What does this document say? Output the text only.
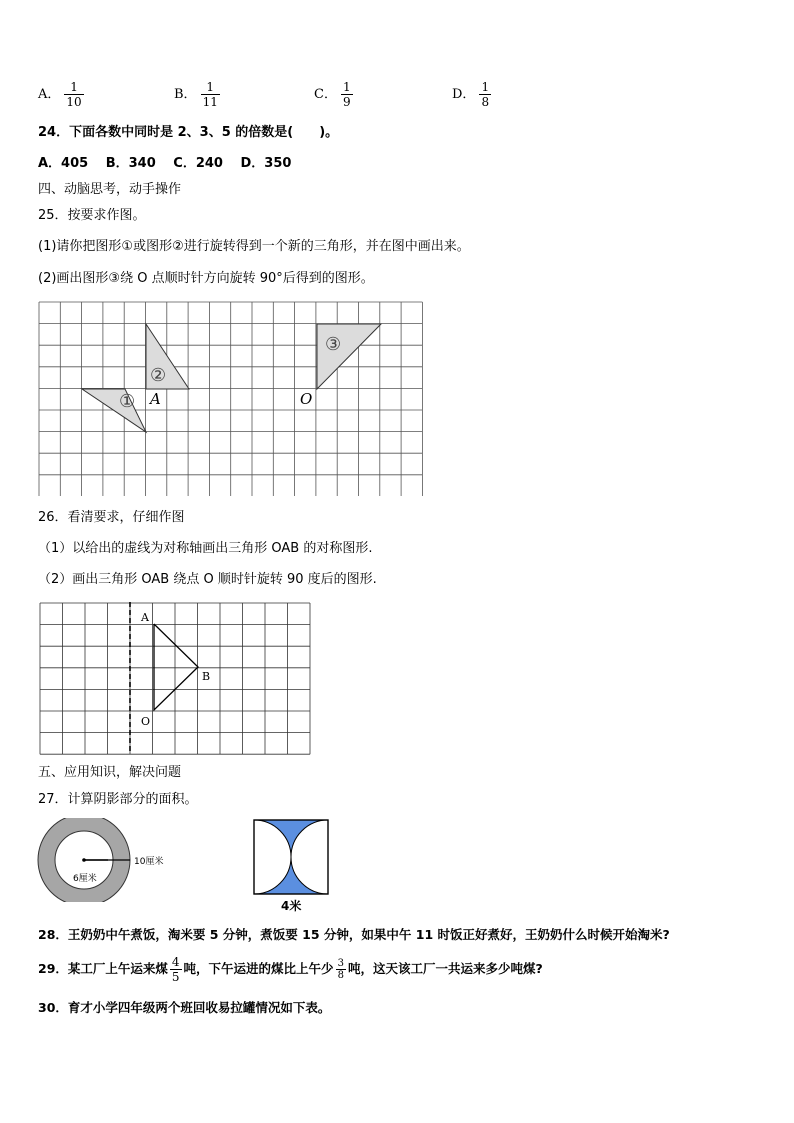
A． $\frac{1}{10}$	B． $\frac{1}{11}$	C． $\frac{1}{9}$	D． $\frac{1}{8}$
24．下面各数中同时是 2、3、5 的倍数是(　　)。
A．405　 B．340　 C．240　 D．350
四、动脑思考，动手操作
25．按要求作图。
(1)请你把图形①或图形②进行旋转得到一个新的三角形，并在图中画出来。
(2)画出图形③绕 O 点顺时针方向旋转 90°后得到的图形。
①
②
③
A	O
26．看清要求，仔细作图
（1）以给出的虚线为对称轴画出三角形 OAB 的对称图形.
（2）画出三角形 OAB 绕点 O 顺时针旋转 90 度后的图形.
A
B
O
五、应用知识，解决问题
27．计算阴影部分的面积。
10厘米
6厘米
4米
28．王奶奶中午煮饭，淘米要 5 分钟，煮饭要 15 分钟，如果中午 11 时饭正好煮好，王奶奶什么时候开始淘米?
29．某工厂上午运来煤 $\frac{4}{5}$ 吨，下午运进的煤比上午少 $\frac{3}{8}$ 吨，这天该工厂一共运来多少吨煤?
30．育才小学四年级两个班回收易拉罐情况如下表。
